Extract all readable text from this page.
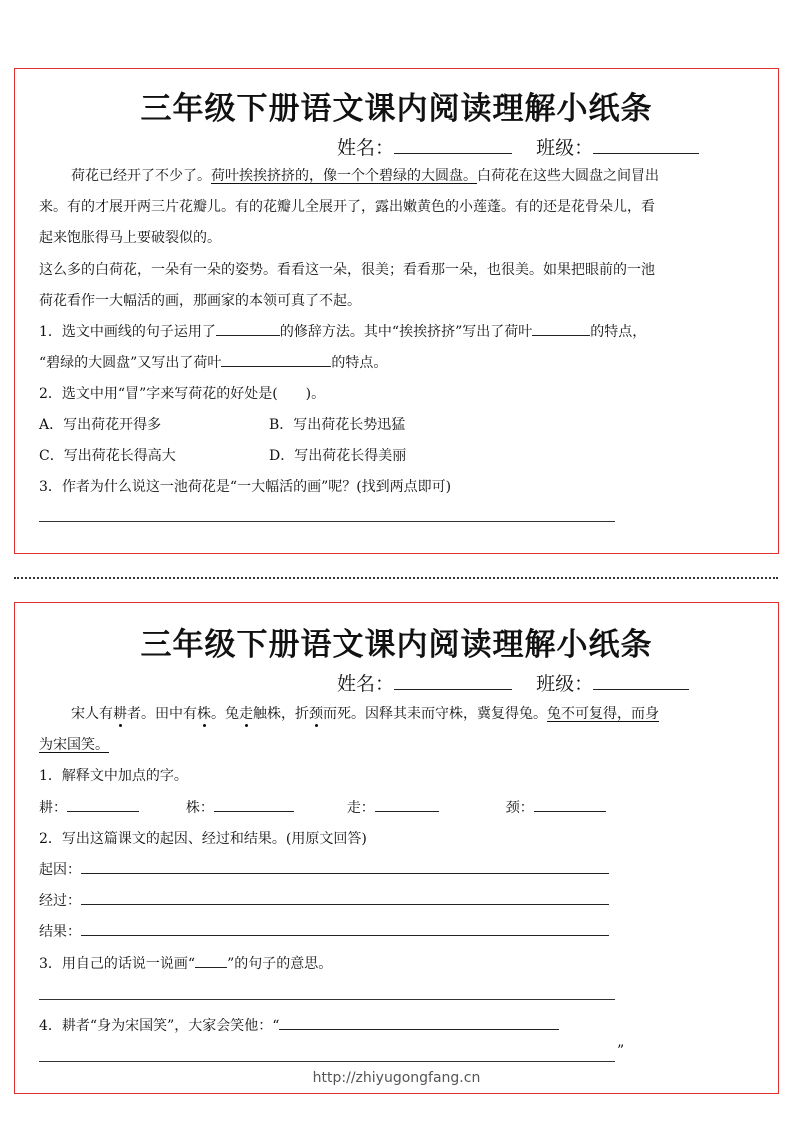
三年级下册语文课内阅读理解小纸条
姓名：	班级：
荷花已经开了不少了。荷叶挨挨挤挤的，像一个个碧绿的大圆盘。白荷花在这些大圆盘之间冒出
来。有的才展开两三片花瓣儿。有的花瓣儿全展开了，露出嫩黄色的小莲蓬。有的还是花骨朵儿，看
起来饱胀得马上要破裂似的。
这么多的白荷花，一朵有一朵的姿势。看看这一朵，很美；看看那一朵，也很美。如果把眼前的一池
荷花看作一大幅活的画，那画家的本领可真了不起。
1．选文中画线的句子运用了	的修辞方法。其中“挨挨挤挤”写出了荷叶	的特点，
“碧绿的大圆盘”又写出了荷叶	的特点。
2．选文中用“冒”字来写荷花的好处是(　　)。
A．写出荷花开得多	B．写出荷花长势迅猛
C．写出荷花长得高大	D．写出荷花长得美丽
3．作者为什么说这一池荷花是“一大幅活的画”呢？(找到两点即可)
三年级下册语文课内阅读理解小纸条
姓名：	班级：
宋人有耕者。田中有株。兔走触株，折颈而死。因释其耒而守株，冀复得兔。兔不可复得，而身
为宋国笑。
1．解释文中加点的字。
耕：	株：	走：	颈：
2．写出这篇课文的起因、经过和结果。(用原文回答)
起因：
经过：
结果：
3．用自己的话说一说画“ ”的句子的意思。
4．耕者“身为宋国笑”，大家会笑他：“
”
http://zhiyugongfang.cn
